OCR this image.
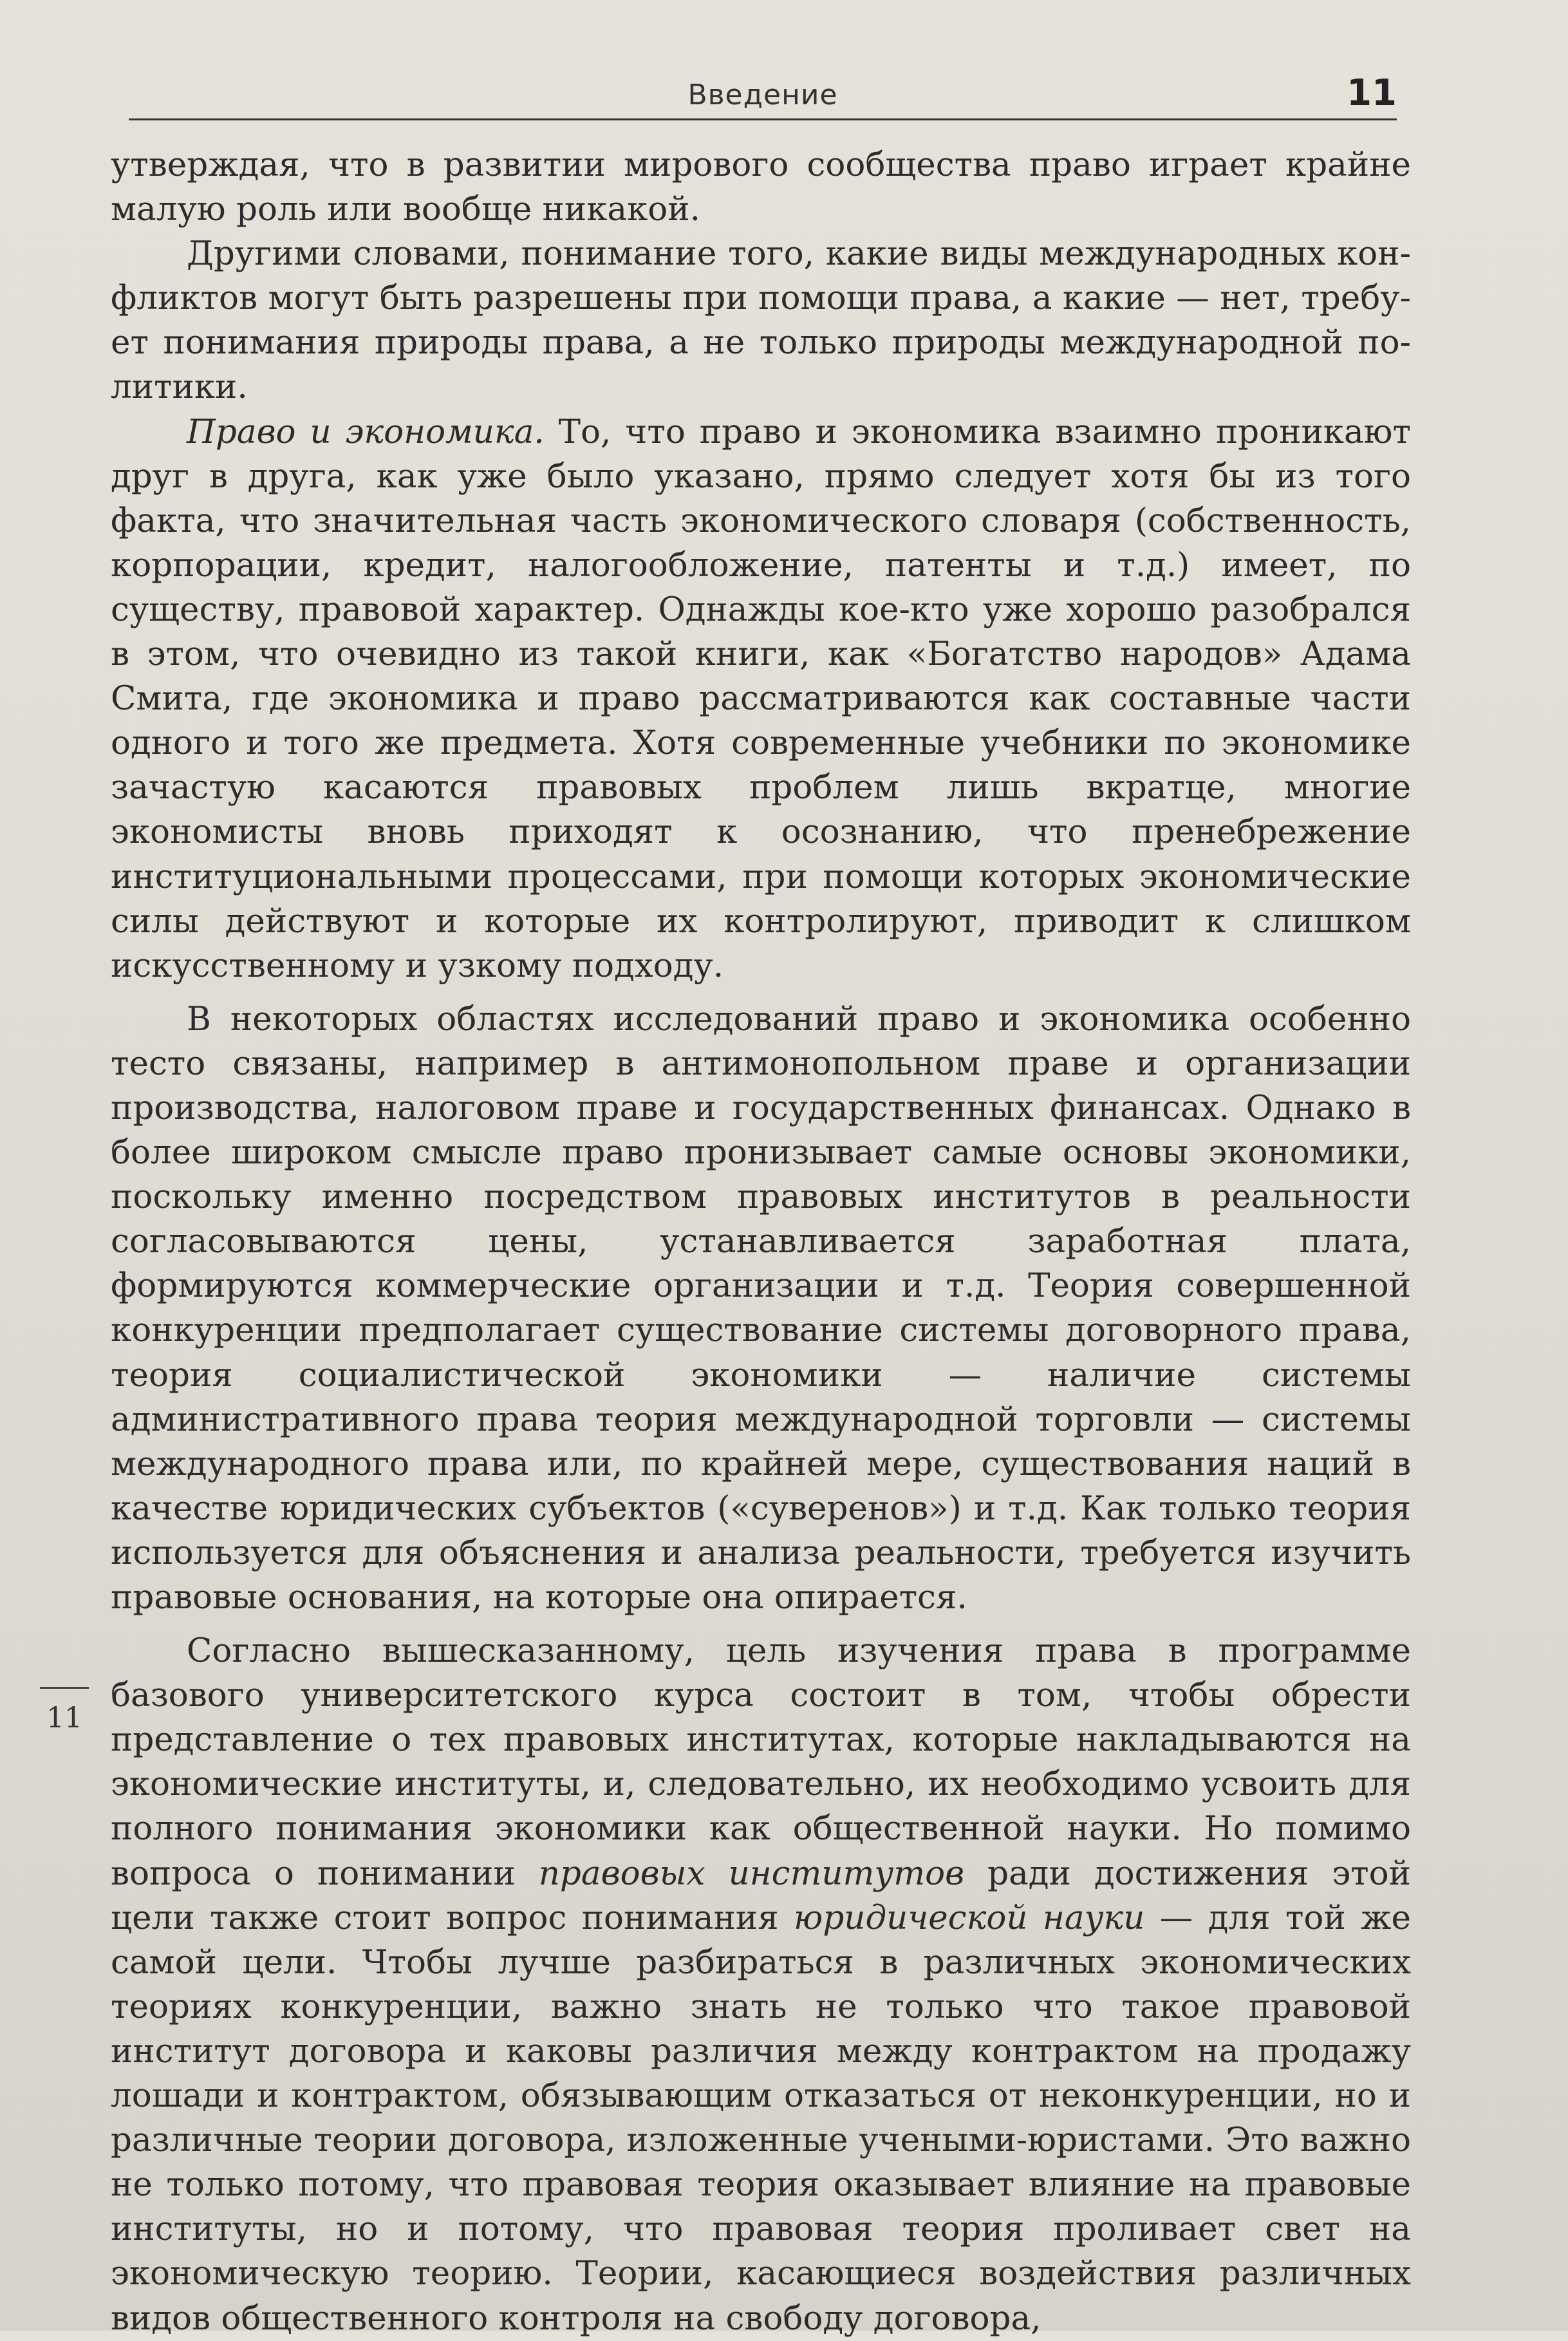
Введение	11
11

утверждая, что в развитии мирового сообщества право играет крайне малую роль или вообще никакой.

Другими словами, понимание того, какие виды международных конфликтов могут быть разрешены при помощи права, а какие — нет, требует понимания природы права, а не только природы международной политики.

Право и экономика. То, что право и экономика взаимно проникают друг в друга, как уже было указано, прямо следует хотя бы из того факта, что значительная часть экономического словаря (собственность, корпорации, кредит, налогообложение, патенты и т.д.) имеет, по существу, правовой характер. Однажды кое-кто уже хорошо разобрался в этом, что очевидно из такой книги, как «Богатство народов» Адама Смита, где экономика и право рассматриваются как составные части одного и того же предмета. Хотя современные учебники по экономике зачастую касаются правовых проблем лишь вкратце, многие экономисты вновь приходят к осознанию, что пренебрежение институциональными процессами, при помощи которых экономические силы действуют и которые их контролируют, приводит к слишком искусственному и узкому подходу.

В некоторых областях исследований право и экономика особенно тесто связаны, например в антимонопольном праве и организации производства, налоговом праве и государственных финансах. Однако в более широком смысле право пронизывает самые основы экономики, поскольку именно посредством правовых институтов в реальности согласовываются цены, устанавливается заработная плата, формируются коммерческие организации и т.д. Теория совершенной конкуренции предполагает существование системы договорного права, теория социалистической экономики — наличие системы административного права теория международной торговли — системы международного права или, по крайней мере, существования наций в качестве юридических субъектов («суверенов») и т.д. Как только теория используется для объяснения и анализа реальности, требуется изучить правовые основания, на которые она опирается.

Согласно вышесказанному, цель изучения права в программе базового университетского курса состоит в том, чтобы обрести представление о тех правовых институтах, которые накладываются на экономические институты, и, следовательно, их необходимо усвоить для полного понимания экономики как общественной науки. Но помимо вопроса о понимании правовых институтов ради достижения этой цели также стоит вопрос понимания юридической науки — для той же самой цели. Чтобы лучше разбираться в различных экономических теориях конкуренции, важно знать не только что такое правовой институт договора и каковы различия между контрактом на продажу лошади и контрактом, обязывающим отказаться от неконкуренции, но и различные теории договора, изложенные учеными-юристами. Это важно не только потому, что правовая теория оказывает влияние на правовые институты, но и потому, что правовая теория проливает свет на экономическую теорию. Теории, касающиеся воздействия различных видов общественного контроля на свободу договора,
